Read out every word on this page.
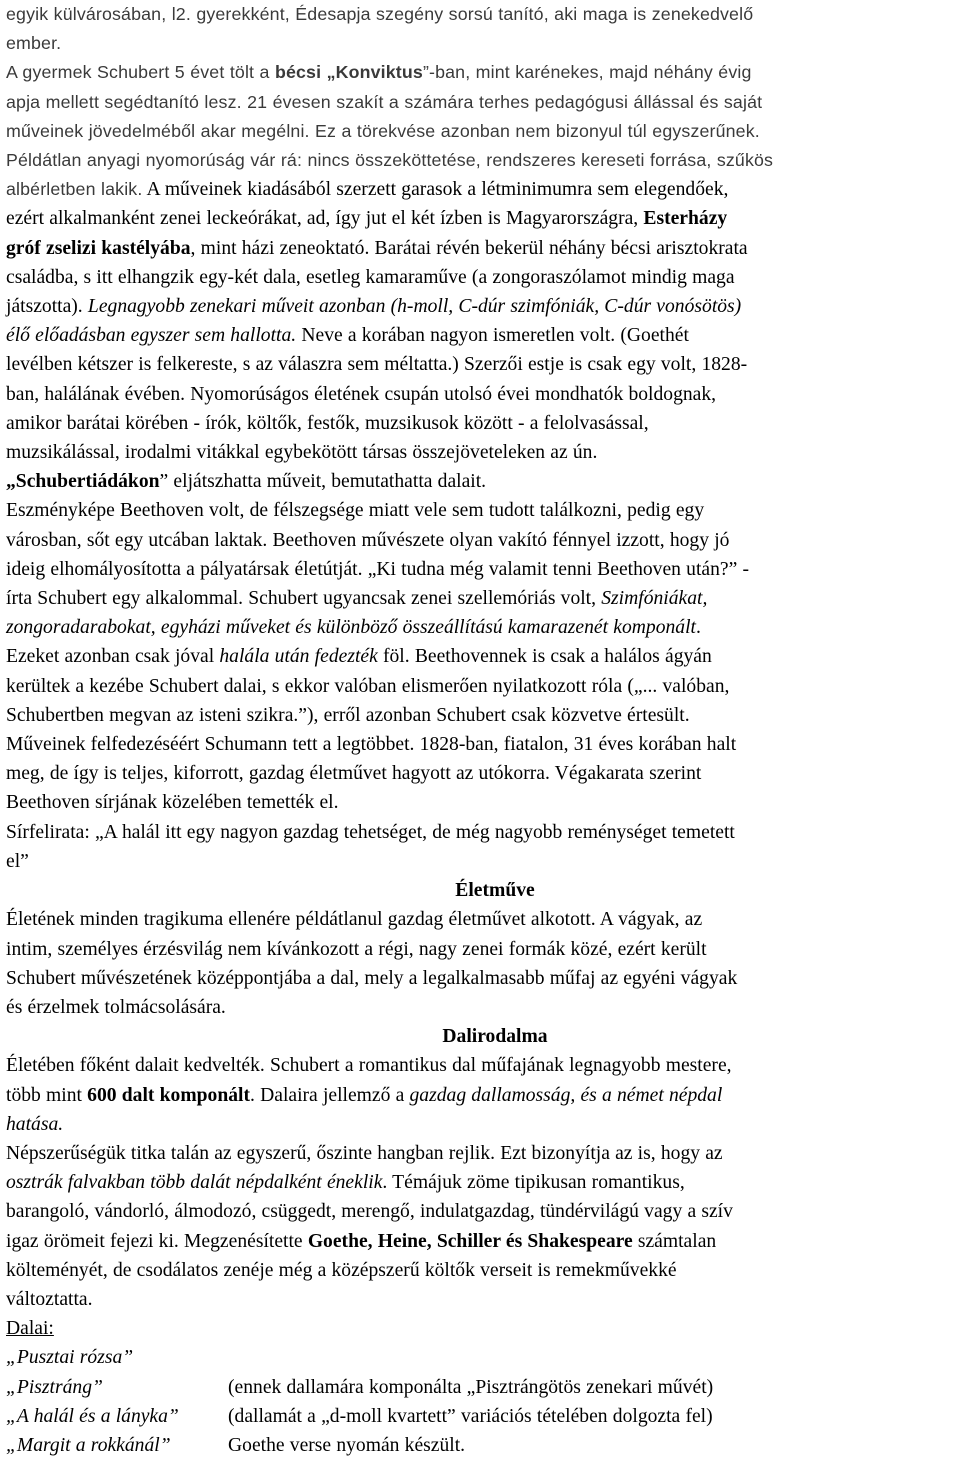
egyik külvárosában, l2. gyerekként, Édesapja szegény sorsú tanító, aki maga is zenekedvelő

ember.

A gyermek Schubert 5 évet tölt a bécsi „Konviktus”-ban, mint karénekes, majd néhány évig

apja mellett segédtanító lesz. 21 évesen szakít a számára terhes pedagógusi állással és saját

műveinek jövedelméből akar megélni. Ez a törekvése azonban nem bizonyul túl egyszerűnek.

Példátlan anyagi nyomorúság vár rá: nincs összeköttetése, rendszeres kereseti forrása, szűkös

albérletben lakik. A műveinek kiadásából szerzett garasok a létminimumra sem elegendőek,

ezért alkalmanként zenei leckeórákat, ad, így jut el két ízben is Magyarországra, Esterházy

gróf zselizi kastélyába, mint házi zeneoktató. Barátai révén bekerül néhány bécsi arisztokrata

családba, s itt elhangzik egy-két dala, esetleg kamaraműve (a zongoraszólamot mindig maga

játszotta). Legnagyobb zenekari műveit azonban (h-moll, C-dúr szimfóniák, C-dúr vonósötös)

élő előadásban egyszer sem hallotta. Neve a korában nagyon ismeretlen volt. (Goethét

levélben kétszer is felkereste, s az válaszra sem méltatta.) Szerzői estje is csak egy volt, 1828-

ban, halálának évében. Nyomorúságos életének csupán utolsó évei mondhatók boldognak,

amikor barátai körében - írók, költők, festők, muzsikusok között - a felolvasással,

muzsikálással, irodalmi vitákkal egybekötött társas összejöveteleken az ún.

„Schubertiádákon” eljátszhatta műveit, bemutathatta dalait.

Eszményképe Beethoven volt, de félszegsége miatt vele sem tudott találkozni, pedig egy

városban, sőt egy utcában laktak. Beethoven művészete olyan vakító fénnyel izzott, hogy jó

ideig elhomályosította a pályatársak életútját. „Ki tudna még valamit tenni Beethoven után?” -

írta Schubert egy alkalommal. Schubert ugyancsak zenei szellemóriás volt, Szimfóniákat,

zongoradarabokat, egyházi műveket és különböző összeállítású kamarazenét komponált.

Ezeket azonban csak jóval halála után fedezték föl. Beethovennek is csak a halálos ágyán

kerültek a kezébe Schubert dalai, s ekkor valóban elismerően nyilatkozott róla („... valóban,

Schubertben megvan az isteni szikra.”), erről azonban Schubert csak közvetve értesült.

Műveinek felfedezéséért Schumann tett a legtöbbet. 1828-ban, fiatalon, 31 éves korában halt

meg, de így is teljes, kiforrott, gazdag életművet hagyott az utókorra. Végakarata szerint

Beethoven sírjának közelében temették el.

Sírfelirata: „A halál itt egy nagyon gazdag tehetséget, de még nagyobb reménységet temetett

el”

Életműve

Életének minden tragikuma ellenére példátlanul gazdag életművet alkotott. A vágyak, az

intim, személyes érzésvilág nem kívánkozott a régi, nagy zenei formák közé, ezért került

Schubert művészetének középpontjába a dal, mely a legalkalmasabb műfaj az egyéni vágyak

és érzelmek tolmácsolására.

Dalirodalma

Életében főként dalait kedvelték. Schubert a romantikus dal műfajának legnagyobb mestere,

több mint 600 dalt komponált. Dalaira jellemző a gazdag dallamosság, és a német népdal

hatása.

Népszerűségük titka talán az egyszerű, őszinte hangban rejlik. Ezt bizonyítja az is, hogy az

osztrák falvakban több dalát népdalként éneklik. Témájuk zöme tipikusan romantikus,

barangoló, vándorló, álmodozó, csüggedt, merengő, indulatgazdag, tündérvilágú vagy a szív

igaz örömeit fejezi ki. Megzenésítette Goethe, Heine, Schiller és Shakespeare számtalan

költeményét, de csodálatos zenéje még a középszerű költők verseit is remekművekké

változtatta.

Dalai:

„Pusztai rózsa”

„Pisztráng”	(ennek dallamára komponálta „Pisztrángötös zenekari művét)

„A halál és a lányka”	(dallamát a „d-moll kvartett” variációs tételében dolgozta fel)

„Margit a rokkánál”	Goethe verse nyomán készült.
